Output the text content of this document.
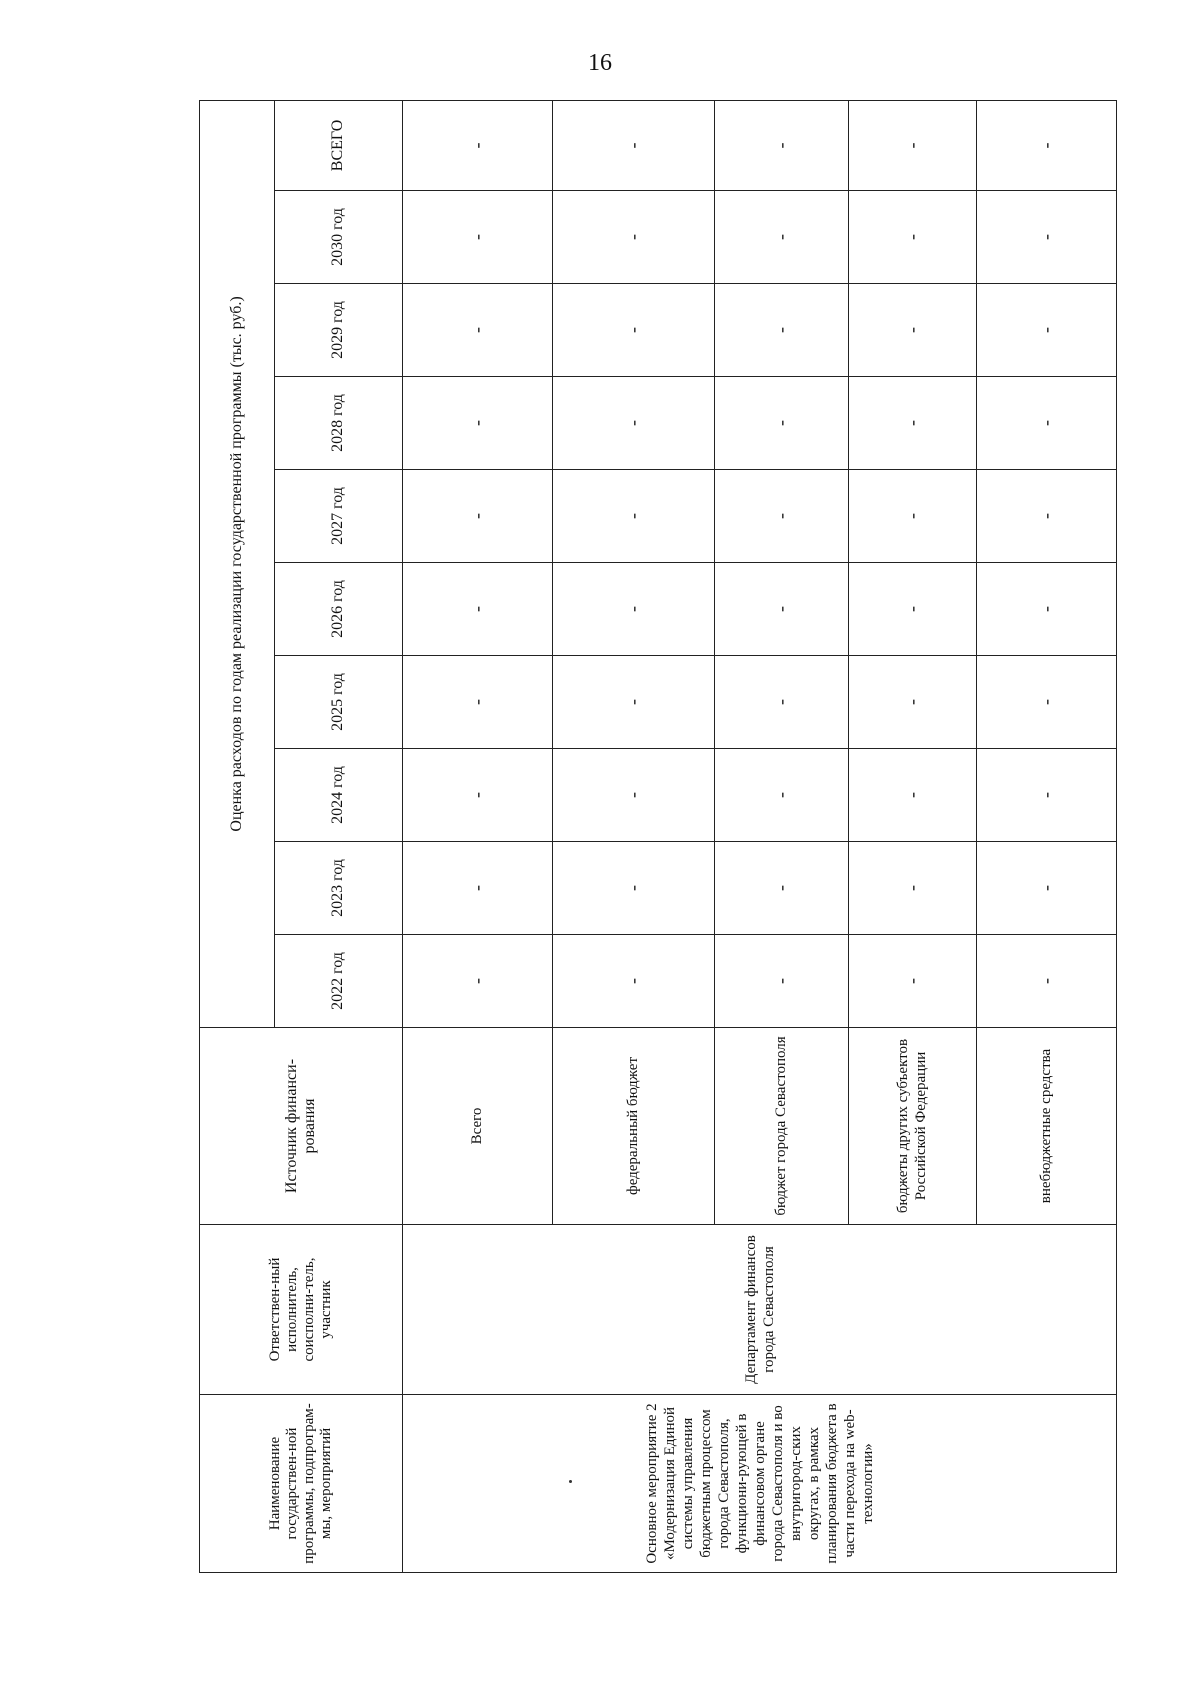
16
Наименование государствен-ной программы, подпрограм-мы, мероприятий	Ответствен-ный исполнитель, соисполни-тель, участник	Источник финанси-рования	Оценка расходов по годам реализации государственной программы (тыс. руб.)									
			2022 год	2023 год	2024 год	2025 год	2026 год	2027 год	2028 год	2029 год	2030 год	ВСЕГО
Основное мероприятие 2 «Модернизация Единой системы управления бюджетным процессом города Севастополя, функциони-рующей в финансовом органе города Севастополя и во внутригород-ских округах, в рамках планирования бюджета в части перехода на web-технологии»	Департамент финансов города Севастополя	Всего	-	-	-	-	-	-	-	-	-	-
		федеральный бюджет	-	-	-	-	-	-	-	-	-	-
		бюджет города Севастополя	-	-	-	-	-	-	-	-	-	-
		бюджеты других субъектов Российской Федерации	-	-	-	-	-	-	-	-	-	-
		внебюджетные средства	-	-	-	-	-	-	-	-	-	-
